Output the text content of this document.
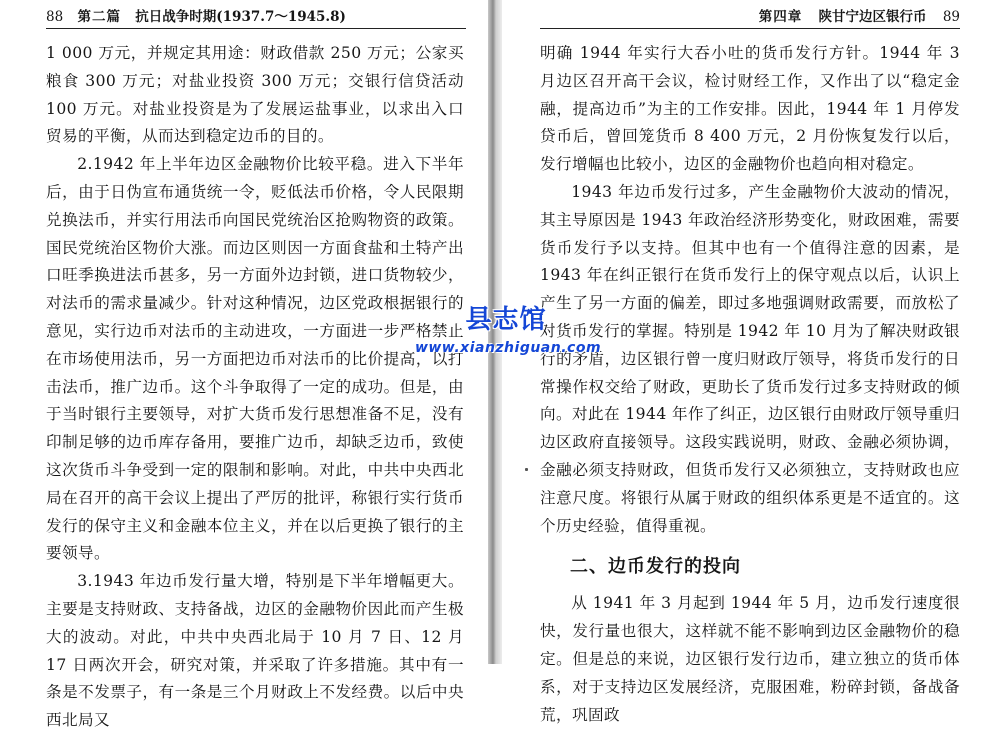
88 第二篇 抗日战争时期(1937.7～1945.8)

1 000 万元，并规定其用途：财政借款 250 万元；公家买粮食 300 万元；对盐业投资 300 万元；交银行信贷活动 100 万元。对盐业投资是为了发展运盐事业，以求出入口贸易的平衡，从而达到稳定边币的目的。

2.1942 年上半年边区金融物价比较平稳。进入下半年后，由于日伪宣布通货统一令，贬低法币价格，令人民限期兑换法币，并实行用法币向国民党统治区抢购物资的政策。国民党统治区物价大涨。而边区则因一方面食盐和土特产出口旺季换进法币甚多，另一方面外边封锁，进口货物较少，对法币的需求量减少。针对这种情况，边区党政根据银行的意见，实行边币对法币的主动进攻，一方面进一步严格禁止在市场使用法币，另一方面把边币对法币的比价提高，以打击法币，推广边币。这个斗争取得了一定的成功。但是，由于当时银行主要领导，对扩大货币发行思想准备不足，没有印制足够的边币库存备用，要推广边币，却缺乏边币，致使这次货币斗争受到一定的限制和影响。对此，中共中央西北局在召开的高干会议上提出了严厉的批评，称银行实行货币发行的保守主义和金融本位主义，并在以后更换了银行的主要领导。

3.1943 年边币发行量大增，特别是下半年增幅更大。主要是支持财政、支持备战，边区的金融物价因此而产生极大的波动。对此，中共中央西北局于 10 月 7 日、12 月 17 日两次开会，研究对策，并采取了许多措施。其中有一条是不发票子，有一条是三个月财政上不发经费。以后中央西北局又

第四章 陕甘宁边区银行币 89

明确 1944 年实行大吞小吐的货币发行方针。1944 年 3 月边区召开高干会议，检讨财经工作，又作出了以“稳定金融，提高边币”为主的工作安排。因此，1944 年 1 月停发贷币后，曾回笼货币 8 400 万元，2 月份恢复发行以后，发行增幅也比较小，边区的金融物价也趋向相对稳定。

1943 年边币发行过多，产生金融物价大波动的情况，其主导原因是 1943 年政治经济形势变化，财政困难，需要货币发行予以支持。但其中也有一个值得注意的因素，是 1943 年在纠正银行在货币发行上的保守观点以后，认识上产生了另一方面的偏差，即过多地强调财政需要，而放松了对货币发行的掌握。特别是 1942 年 10 月为了解决财政银行的矛盾，边区银行曾一度归财政厅领导，将货币发行的日常操作权交给了财政，更助长了货币发行过多支持财政的倾向。对此在 1944 年作了纠正，边区银行由财政厅领导重归边区政府直接领导。这段实践说明，财政、金融必须协调，金融必须支持财政，但货币发行又必须独立，支持财政也应注意尺度。将银行从属于财政的组织体系更是不适宜的。这个历史经验，值得重视。

二、边币发行的投向

从 1941 年 3 月起到 1944 年 5 月，边币发行速度很快，发行量也很大，这样就不能不影响到边区金融物价的稳定。但是总的来说，边区银行发行边币，建立独立的货币体系，对于支持边区发展经济，克服困难，粉碎封锁，备战备荒，巩固政

县志馆
www.xianzhiguan.com
